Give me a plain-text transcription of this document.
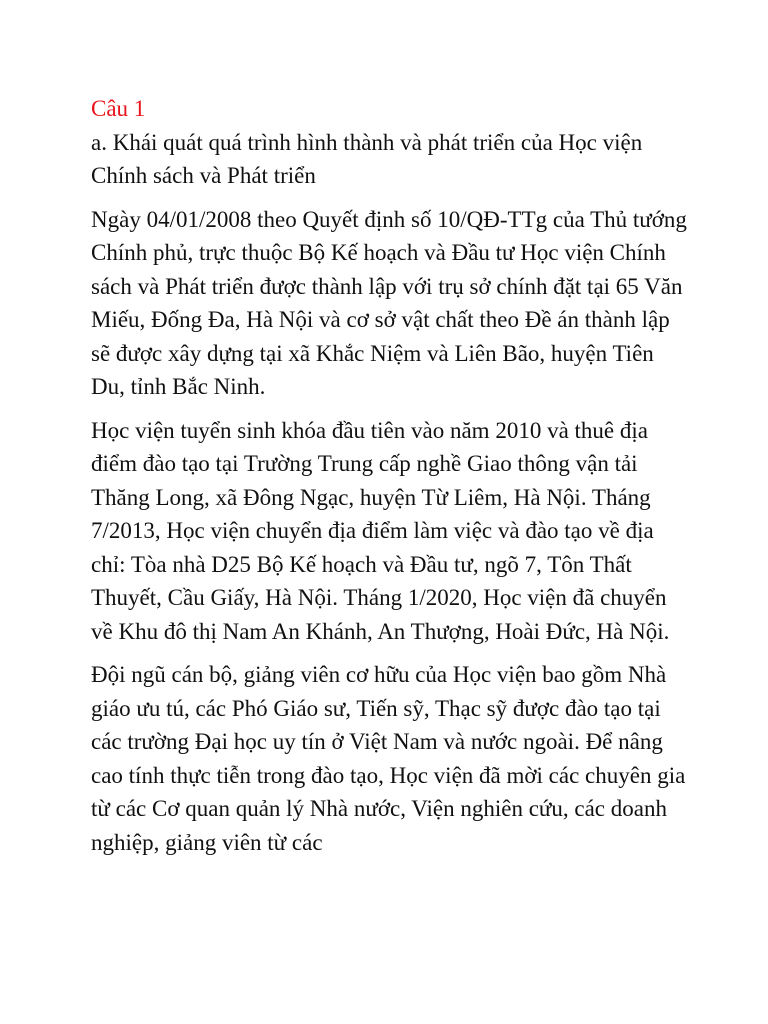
Câu 1

a. Khái quát quá trình hình thành và phát triển của Học viện Chính sách và Phát triển

Ngày 04/01/2008 theo Quyết định số 10/QĐ-TTg của Thủ tướng Chính phủ, trực thuộc Bộ Kế hoạch và Đầu tư Học viện Chính sách và Phát triển được thành lập với trụ sở chính đặt tại 65 Văn Miếu, Đống Đa, Hà Nội và cơ sở vật chất theo Đề án thành lập sẽ được xây dựng tại xã Khắc Niệm và Liên Bão, huyện Tiên Du, tỉnh Bắc Ninh.

Học viện tuyển sinh khóa đầu tiên vào năm 2010 và thuê địa điểm đào tạo tại Trường Trung cấp nghề Giao thông vận tải Thăng Long, xã Đông Ngạc, huyện Từ Liêm, Hà Nội. Tháng 7/2013, Học viện chuyển địa điểm làm việc và đào tạo về địa chỉ: Tòa nhà D25 Bộ Kế hoạch và Đầu tư, ngõ 7, Tôn Thất Thuyết, Cầu Giấy, Hà Nội. Tháng 1/2020, Học viện đã chuyển về Khu đô thị Nam An Khánh, An Thượng, Hoài Đức, Hà Nội.

Đội ngũ cán bộ, giảng viên cơ hữu của Học viện bao gồm Nhà giáo ưu tú, các Phó Giáo sư, Tiến sỹ, Thạc sỹ được đào tạo tại các trường Đại học uy tín ở Việt Nam và nước ngoài. Để nâng cao tính thực tiễn trong đào tạo, Học viện đã mời các chuyên gia từ các Cơ quan quản lý Nhà nước, Viện nghiên cứu, các doanh nghiệp, giảng viên từ các
